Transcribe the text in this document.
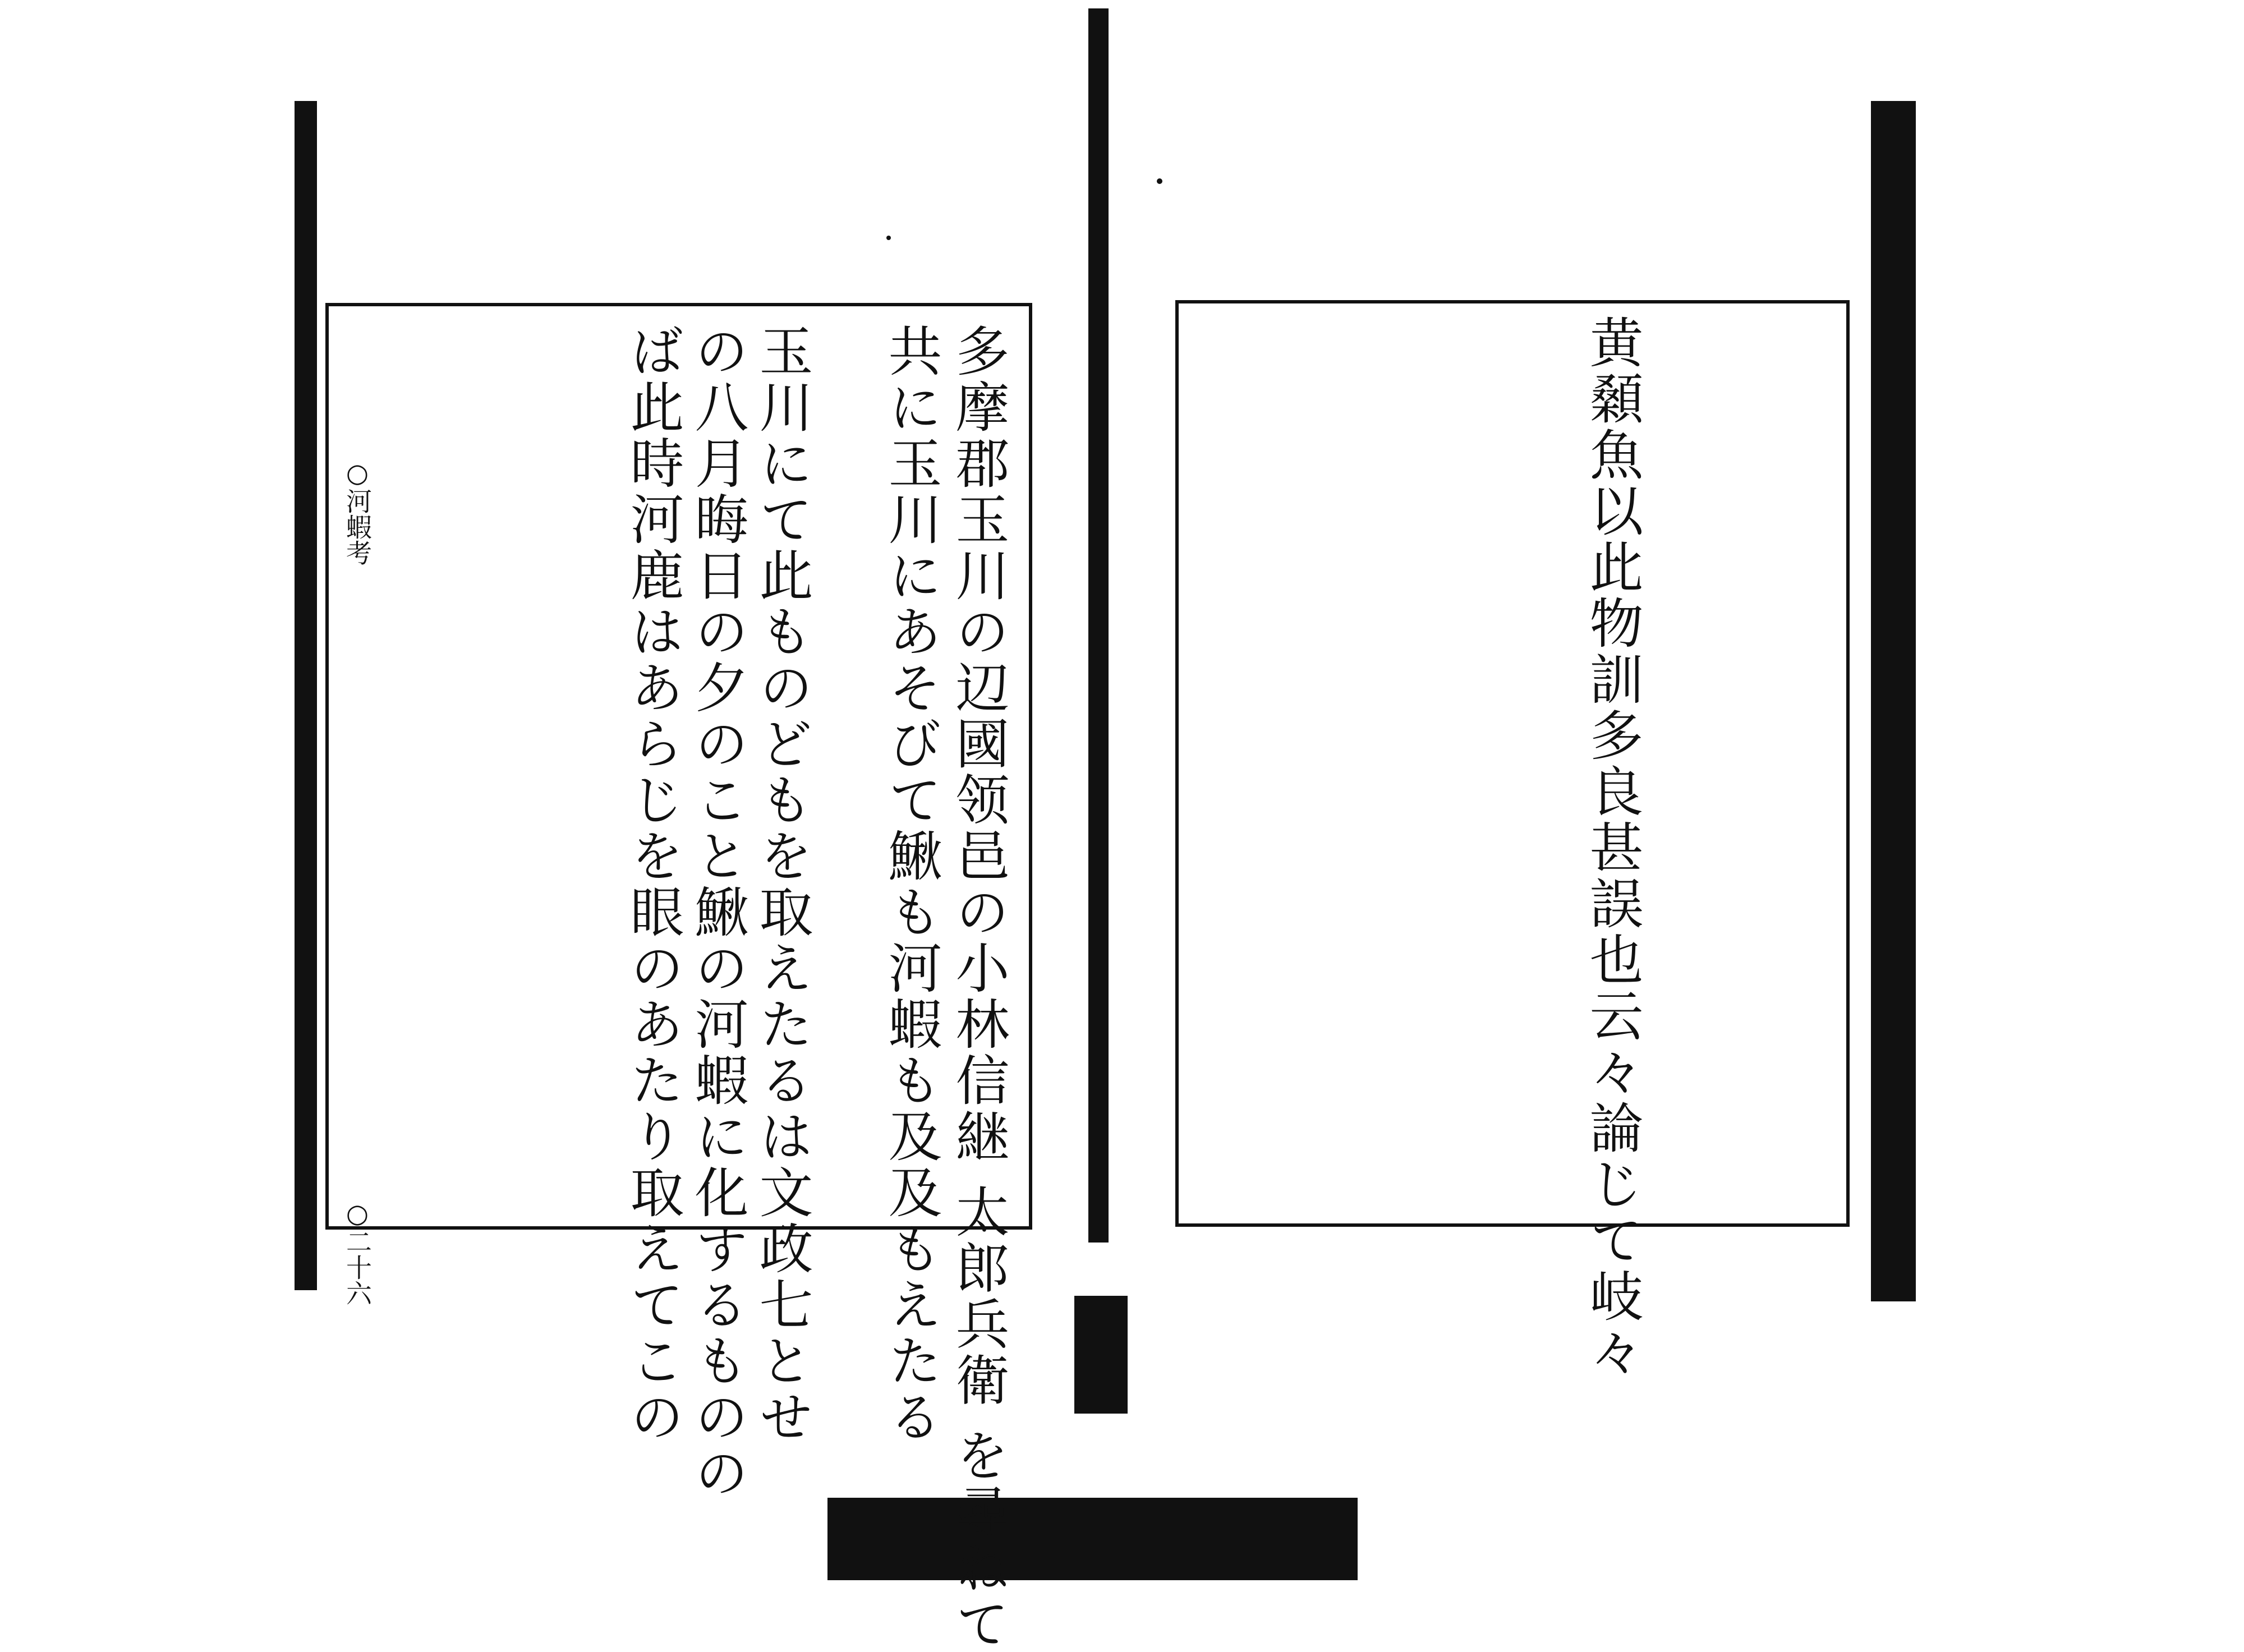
○河蝦考
○二十六	多摩郡玉川の辺國领邑の小林信継 太郎兵衛 を尋ねて
共に玉川にあそびて鰍も河蝦も及及もえたる
玉川にて此ものどもを取えたるは文政七とせ
の八月晦日の夕のこと鰍の河蝦に化するものの
ば此時河鹿はあらじを眼のあたり取えてこの	黄顙魚以此物訓多良甚誤也云々論じて岐々
